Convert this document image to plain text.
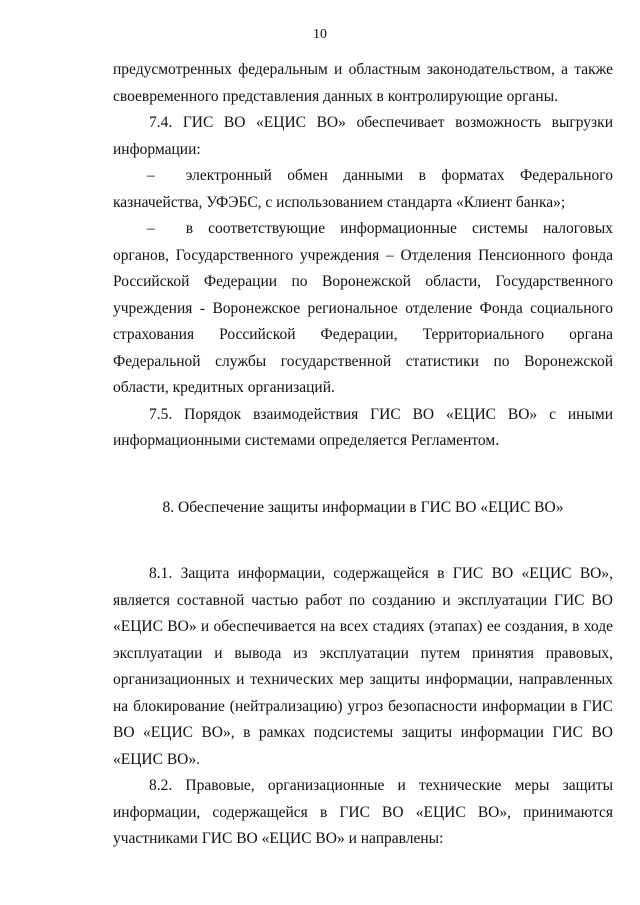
10

предусмотренных федеральным и областным законодательством, а также своевременного представления данных в контролирующие органы.

7.4. ГИС ВО «ЕЦИС ВО» обеспечивает возможность выгрузки информации:

–  электронный обмен данными в форматах Федерального казначейства, УФЭБС, с использованием стандарта «Клиент банка»;

–  в соответствующие информационные системы налоговых органов, Государственного учреждения – Отделения Пенсионного фонда Российской Федерации по Воронежской области, Государственного учреждения - Воронежское региональное отделение Фонда социального страхования Российской Федерации, Территориального органа Федеральной службы государственной статистики по Воронежской области, кредитных организаций.

7.5. Порядок взаимодействия ГИС ВО «ЕЦИС ВО» с иными информационными системами определяется Регламентом.

8. Обеспечение защиты информации в ГИС ВО «ЕЦИС ВО»

8.1. Защита информации, содержащейся в ГИС ВО «ЕЦИС ВО», является составной частью работ по созданию и эксплуатации ГИС ВО «ЕЦИС ВО» и обеспечивается на всех стадиях (этапах) ее создания, в ходе эксплуатации и вывода из эксплуатации путем принятия правовых, организационных и технических мер защиты информации, направленных на блокирование (нейтрализацию) угроз безопасности информации в ГИС ВО «ЕЦИС ВО», в рамках подсистемы защиты информации ГИС ВО «ЕЦИС ВО».

8.2. Правовые, организационные и технические меры защиты информации, содержащейся в ГИС ВО «ЕЦИС ВО», принимаются участниками ГИС ВО «ЕЦИС ВО» и направлены:
